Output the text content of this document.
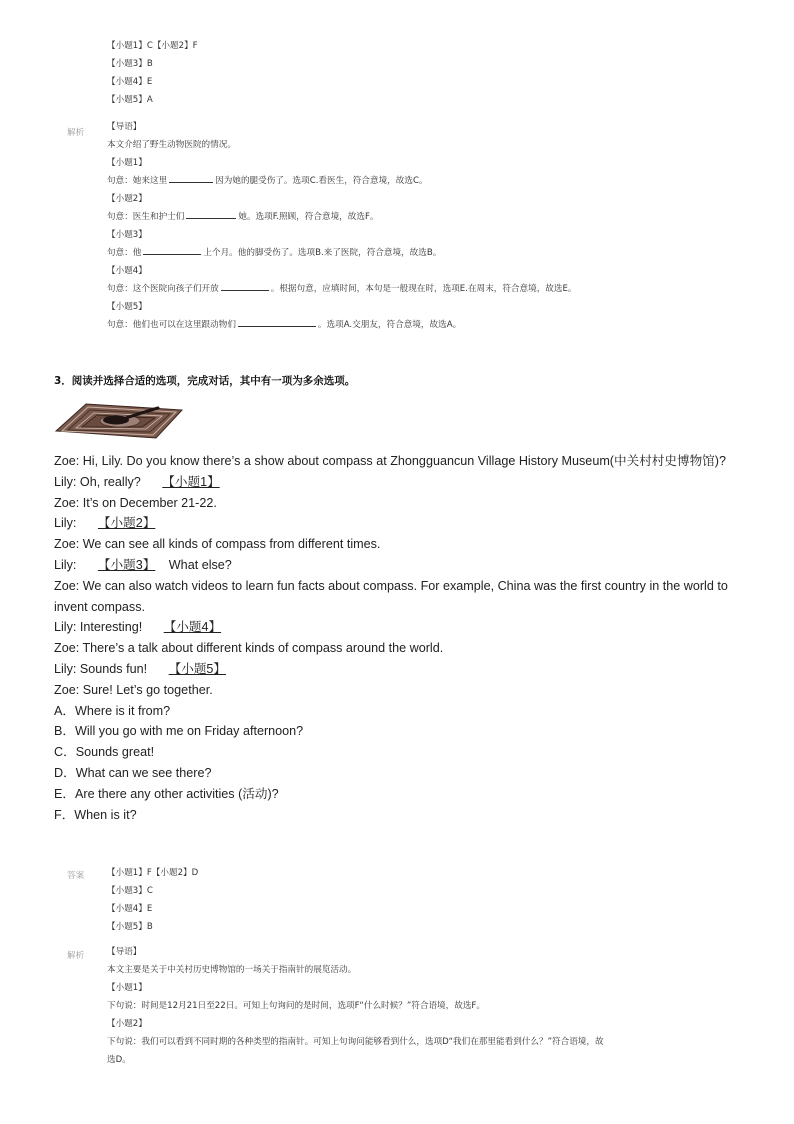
【小题1】C【小题2】F
【小题3】B
【小题4】E
【小题5】A
解析
【导语】
本文介绍了野生动物医院的情况。
【小题1】
句意：她来这里	因为她的腿受伤了。选项C.看医生，符合意境，故选C。
【小题2】
句意：医生和护士们	她。选项F.照顾，符合意境，故选F。
【小题3】
句意：他	上个月。他的脚受伤了。选项B.来了医院，符合意境，故选B。
【小题4】
句意：这个医院向孩子们开放	。根据句意，应填时间，本句是一般现在时，选项E.在周末，符合意境，故选E。
【小题5】
句意：他们也可以在这里跟动物们	。选项A.交朋友，符合意境，故选A。
3．阅读并选择合适的选项，完成对话，其中有一项为多余选项。
Zoe: Hi, Lily. Do you know there’s a show about compass at Zhongguancun Village History Museum(中关村村史博物馆)?
Lily: Oh, really? 【小题1】
Zoe: It’s on December 21-22.
Lily: 【小题2】
Zoe: We can see all kinds of compass from different times.
Lily: 【小题3】 What else?
Zoe: We can also watch videos to learn fun facts about compass. For example, China was the first country in the world to invent compass.
Lily: Interesting! 【小题4】
Zoe: There’s a talk about different kinds of compass around the world.
Lily: Sounds fun! 【小题5】
Zoe: Sure! Let’s go together.
A．Where is it from?
B．Will you go with me on Friday afternoon?
C．Sounds great!
D．What can we see there?
E．Are there any other activities (活动)?
F．When is it?
答案	【小题1】F【小题2】D
【小题3】C
【小题4】E
【小题5】B
解析	【导语】
本文主要是关于中关村历史博物馆的一场关于指南针的展览活动。
【小题1】
下句说：时间是12月21日至22日。可知上句询问的是时间，选项F“什么时候？”符合语境，故选F。
【小题2】
下句说：我们可以看到不同时期的各种类型的指南针。可知上句询问能够看到什么，选项D“我们在那里能看到什么？”符合语境，故
选D。
